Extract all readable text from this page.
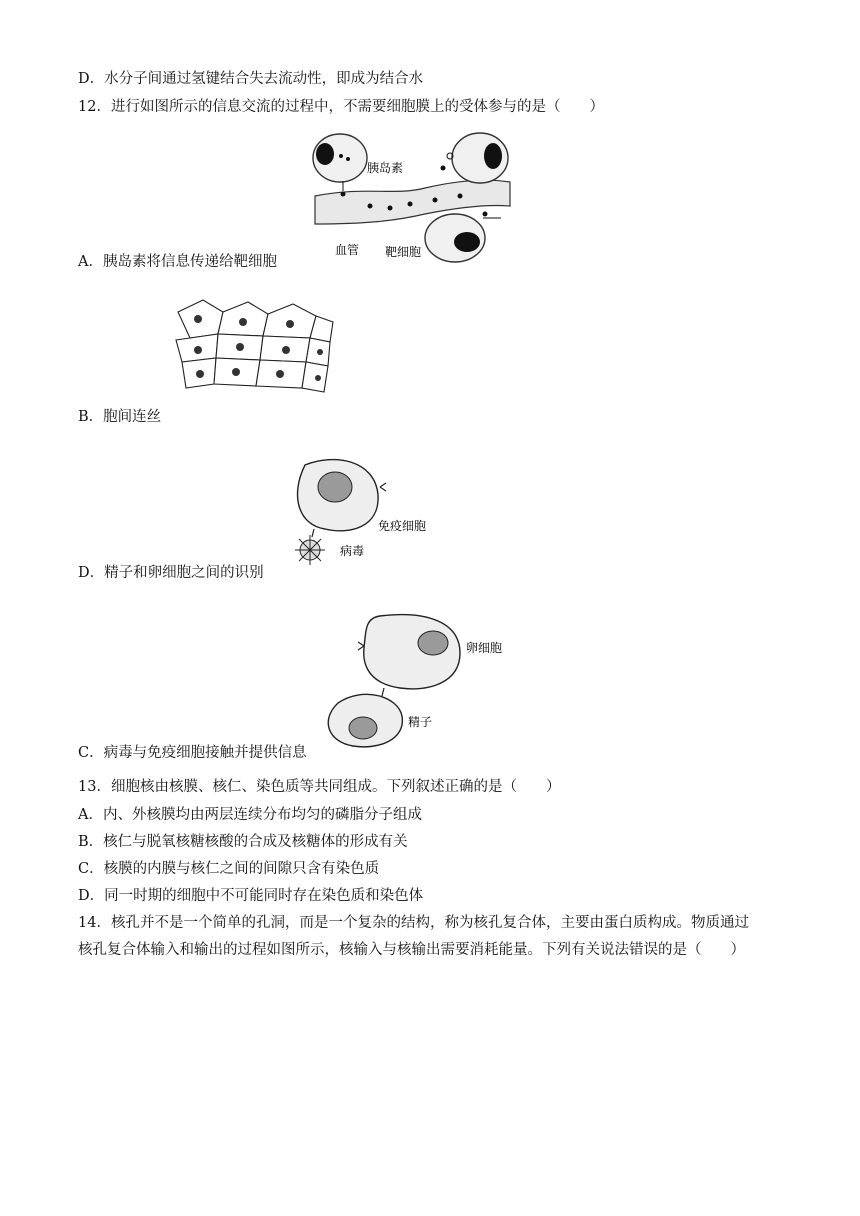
D．水分子间通过氢键结合失去流动性，即成为结合水
12．进行如图所示的信息交流的过程中，不需要细胞膜上的受体参与的是（　　）
胰岛素
血管 靶细胞
A．胰岛素将信息传递给靶细胞
B．胞间连丝
免疫细胞
病毒
D．精子和卵细胞之间的识别
卵细胞
精子
C．病毒与免疫细胞接触并提供信息
13．细胞核由核膜、核仁、染色质等共同组成。下列叙述正确的是（　　）
A．内、外核膜均由两层连续分布均匀的磷脂分子组成
B．核仁与脱氧核糖核酸的合成及核糖体的形成有关
C．核膜的内膜与核仁之间的间隙只含有染色质
D．同一时期的细胞中不可能同时存在染色质和染色体
14．核孔并不是一个简单的孔洞，而是一个复杂的结构，称为核孔复合体，主要由蛋白质构成。物质通过
核孔复合体输入和输出的过程如图所示，核输入与核输出需要消耗能量。下列有关说法错误的是（　　）
